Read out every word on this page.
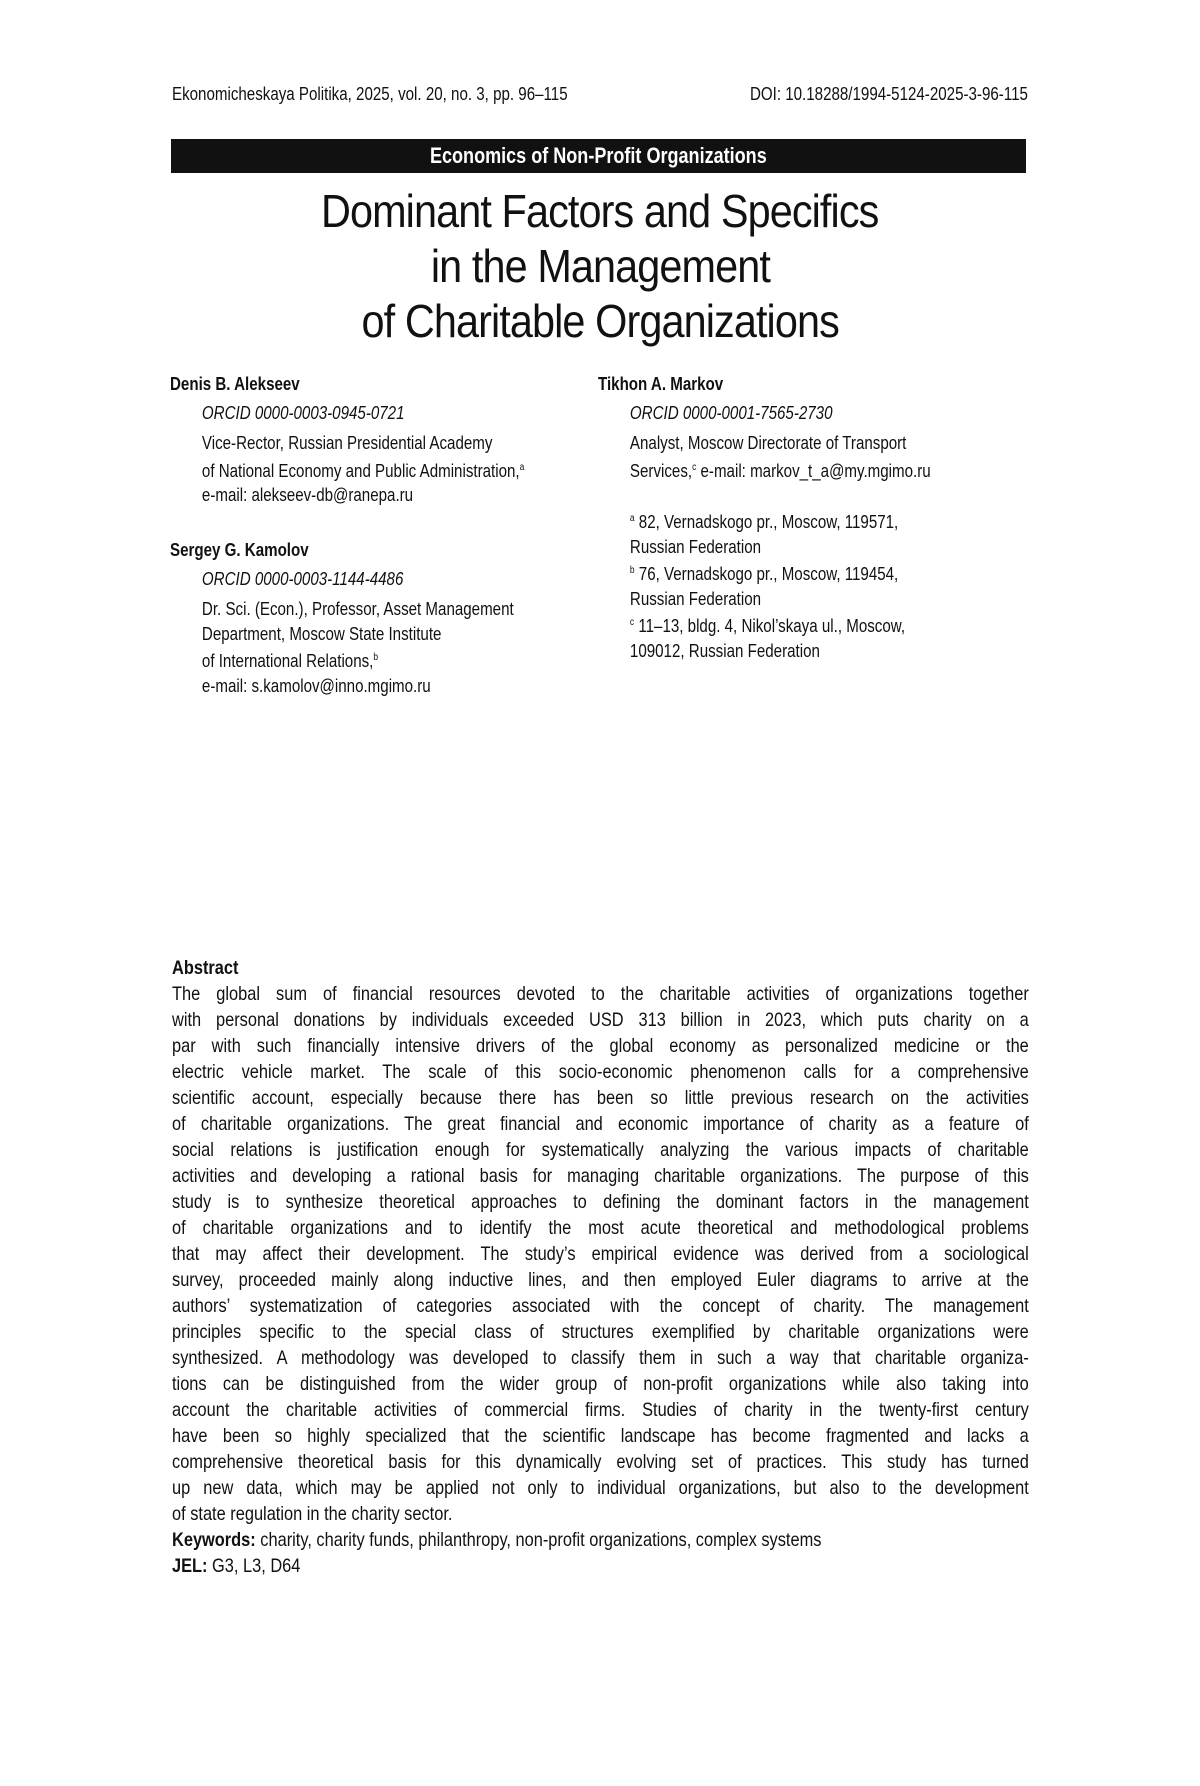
Ekonomicheskaya Politika, 2025, vol. 20, no. 3, pp. 96–115	DOI: 10.18288/1994-5124-2025-3-96-115
Economics of Non-Profit Organizations
Dominant Factors and Specifics
in the Management
of Charitable Organizations
Denis B. Alekseev
ORCID 0000-0003-0945-0721
Vice-Rector, Russian Presidential Academy
of National Economy and Public Administration,a
e-mail: alekseev-db@ranepa.ru
Sergey G. Kamolov
ORCID 0000-0003-1144-4486
Dr. Sci. (Econ.), Professor, Asset Management
Department, Moscow State Institute
of International Relations,b
e-mail: s.kamolov@inno.mgimo.ru
Tikhon A. Markov
ORCID 0000-0001-7565-2730
Analyst, Moscow Directorate of Transport
Services,c e-mail: markov_t_a@my.mgimo.ru
a 82, Vernadskogo pr., Moscow, 119571,
Russian Federation
b 76, Vernadskogo pr., Moscow, 119454,
Russian Federation
c 11–13, bldg. 4, Nikol’skaya ul., Moscow,
109012, Russian Federation
Abstract
The global sum of financial resources devoted to the charitable activities of organizations together
with personal donations by individuals exceeded USD 313 billion in 2023, which puts charity on a
par with such financially intensive drivers of the global economy as personalized medicine or the
electric vehicle market. The scale of this socio-economic phenomenon calls for a comprehensive
scientific account, especially because there has been so little previous research on the activities
of charitable organizations. The great financial and economic importance of charity as a feature of
social relations is justification enough for systematically analyzing the various impacts of charitable
activities and developing a rational basis for managing charitable organizations. The purpose of this
study is to synthesize theoretical approaches to defining the dominant factors in the management
of charitable organizations and to identify the most acute theoretical and methodological problems
that may affect their development. The study’s empirical evidence was derived from a sociological
survey, proceeded mainly along inductive lines, and then employed Euler diagrams to arrive at the
authors’ systematization of categories associated with the concept of charity. The management
principles specific to the special class of structures exemplified by charitable organizations were
synthesized. A methodology was developed to classify them in such a way that charitable organiza-
tions can be distinguished from the wider group of non-profit organizations while also taking into
account the charitable activities of commercial firms. Studies of charity in the twenty-first century
have been so highly specialized that the scientific landscape has become fragmented and lacks a
comprehensive theoretical basis for this dynamically evolving set of practices. This study has turned
up new data, which may be applied not only to individual organizations, but also to the development
of state regulation in the charity sector.
Keywords: charity, charity funds, philanthropy, non-profit organizations, complex systems
JEL: G3, L3, D64
